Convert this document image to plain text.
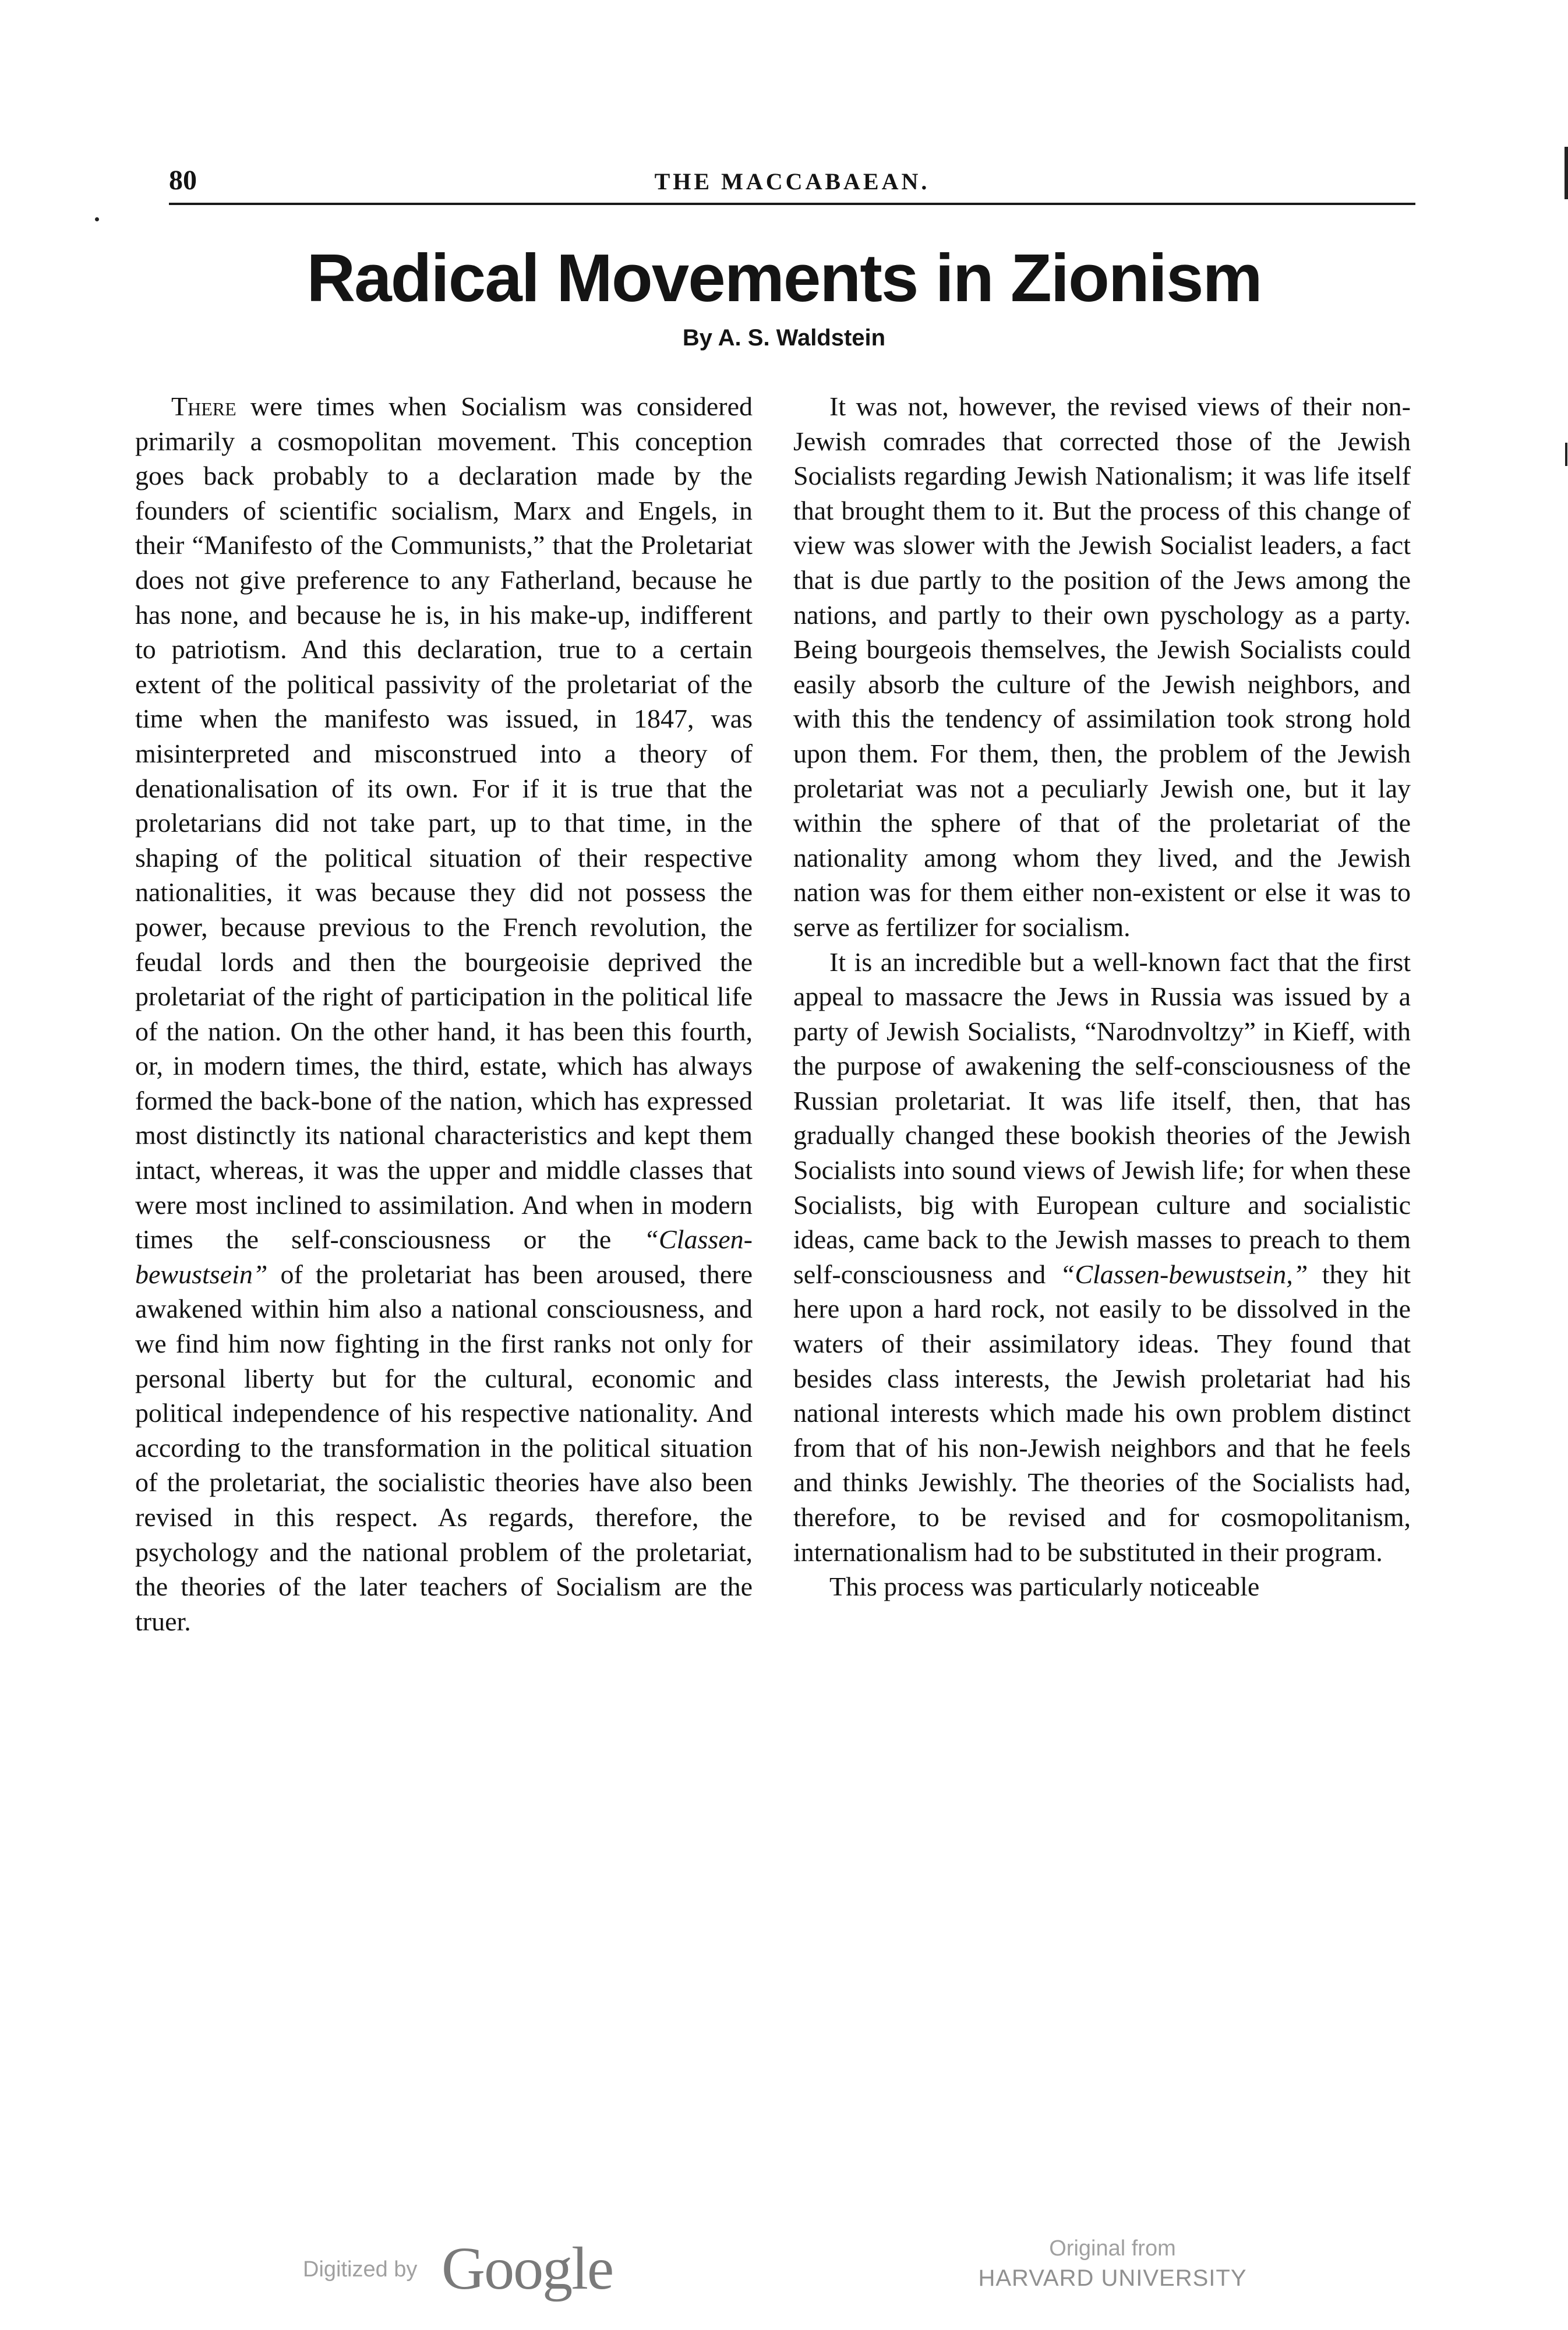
80	THE MACCABAEAN.
Radical Movements in Zionism
By A. S. Waldstein

There were times when Socialism was considered primarily a cosmopolitan movement. This conception goes back probably to a declaration made by the founders of scientific socialism, Marx and Engels, in their “Manifesto of the Communists,” that the Proletariat does not give preference to any Fatherland, because he has none, and because he is, in his make-up, indifferent to patriotism. And this declaration, true to a certain extent of the political passivity of the proletariat of the time when the manifesto was issued, in 1847, was misinterpreted and misconstrued into a theory of denationalisation of its own. For if it is true that the proletarians did not take part, up to that time, in the shaping of the political situation of their respective nationalities, it was because they did not possess the power, because previous to the French revolution, the feudal lords and then the bourgeoisie deprived the proletariat of the right of participation in the political life of the nation. On the other hand, it has been this fourth, or, in modern times, the third, estate, which has always formed the back-bone of the nation, which has expressed most distinctly its national characteristics and kept them intact, whereas, it was the upper and middle classes that were most inclined to assimilation. And when in modern times the self-consciousness or the “Classen-bewustsein” of the proletariat has been aroused, there awakened within him also a national consciousness, and we find him now fighting in the first ranks not only for personal liberty but for the cultural, economic and political independence of his respective nationality. And according to the transformation in the political situation of the proletariat, the socialistic theories have also been revised in this respect. As regards, therefore, the psychology and the national problem of the proletariat, the theories of the later teachers of Socialism are the truer.

It was not, however, the revised views of their non-Jewish comrades that corrected those of the Jewish Socialists regarding Jewish Nationalism; it was life itself that brought them to it. But the process of this change of view was slower with the Jewish Socialist leaders, a fact that is due partly to the position of the Jews among the nations, and partly to their own pyschology as a party. Being bourgeois themselves, the Jewish Socialists could easily absorb the culture of the Jewish neighbors, and with this the tendency of assimilation took strong hold upon them. For them, then, the problem of the Jewish proletariat was not a peculiarly Jewish one, but it lay within the sphere of that of the proletariat of the nationality among whom they lived, and the Jewish nation was for them either non-existent or else it was to serve as fertilizer for socialism.

It is an incredible but a well-known fact that the first appeal to massacre the Jews in Russia was issued by a party of Jewish Socialists, “Narodnvoltzy” in Kieff, with the purpose of awakening the self-consciousness of the Russian proletariat. It was life itself, then, that has gradually changed these bookish theories of the Jewish Socialists into sound views of Jewish life; for when these Socialists, big with European culture and socialistic ideas, came back to the Jewish masses to preach to them self-consciousness and “Classen-bewustsein,” they hit here upon a hard rock, not easily to be dissolved in the waters of their assimilatory ideas. They found that besides class interests, the Jewish proletariat had his national interests which made his own problem distinct from that of his non-Jewish neighbors and that he feels and thinks Jewishly. The theories of the Socialists had, therefore, to be revised and for cosmopolitanism, internationalism had to be substituted in their program.

This process was particularly noticeable

Digitized by Google	Original from
HARVARD UNIVERSITY
